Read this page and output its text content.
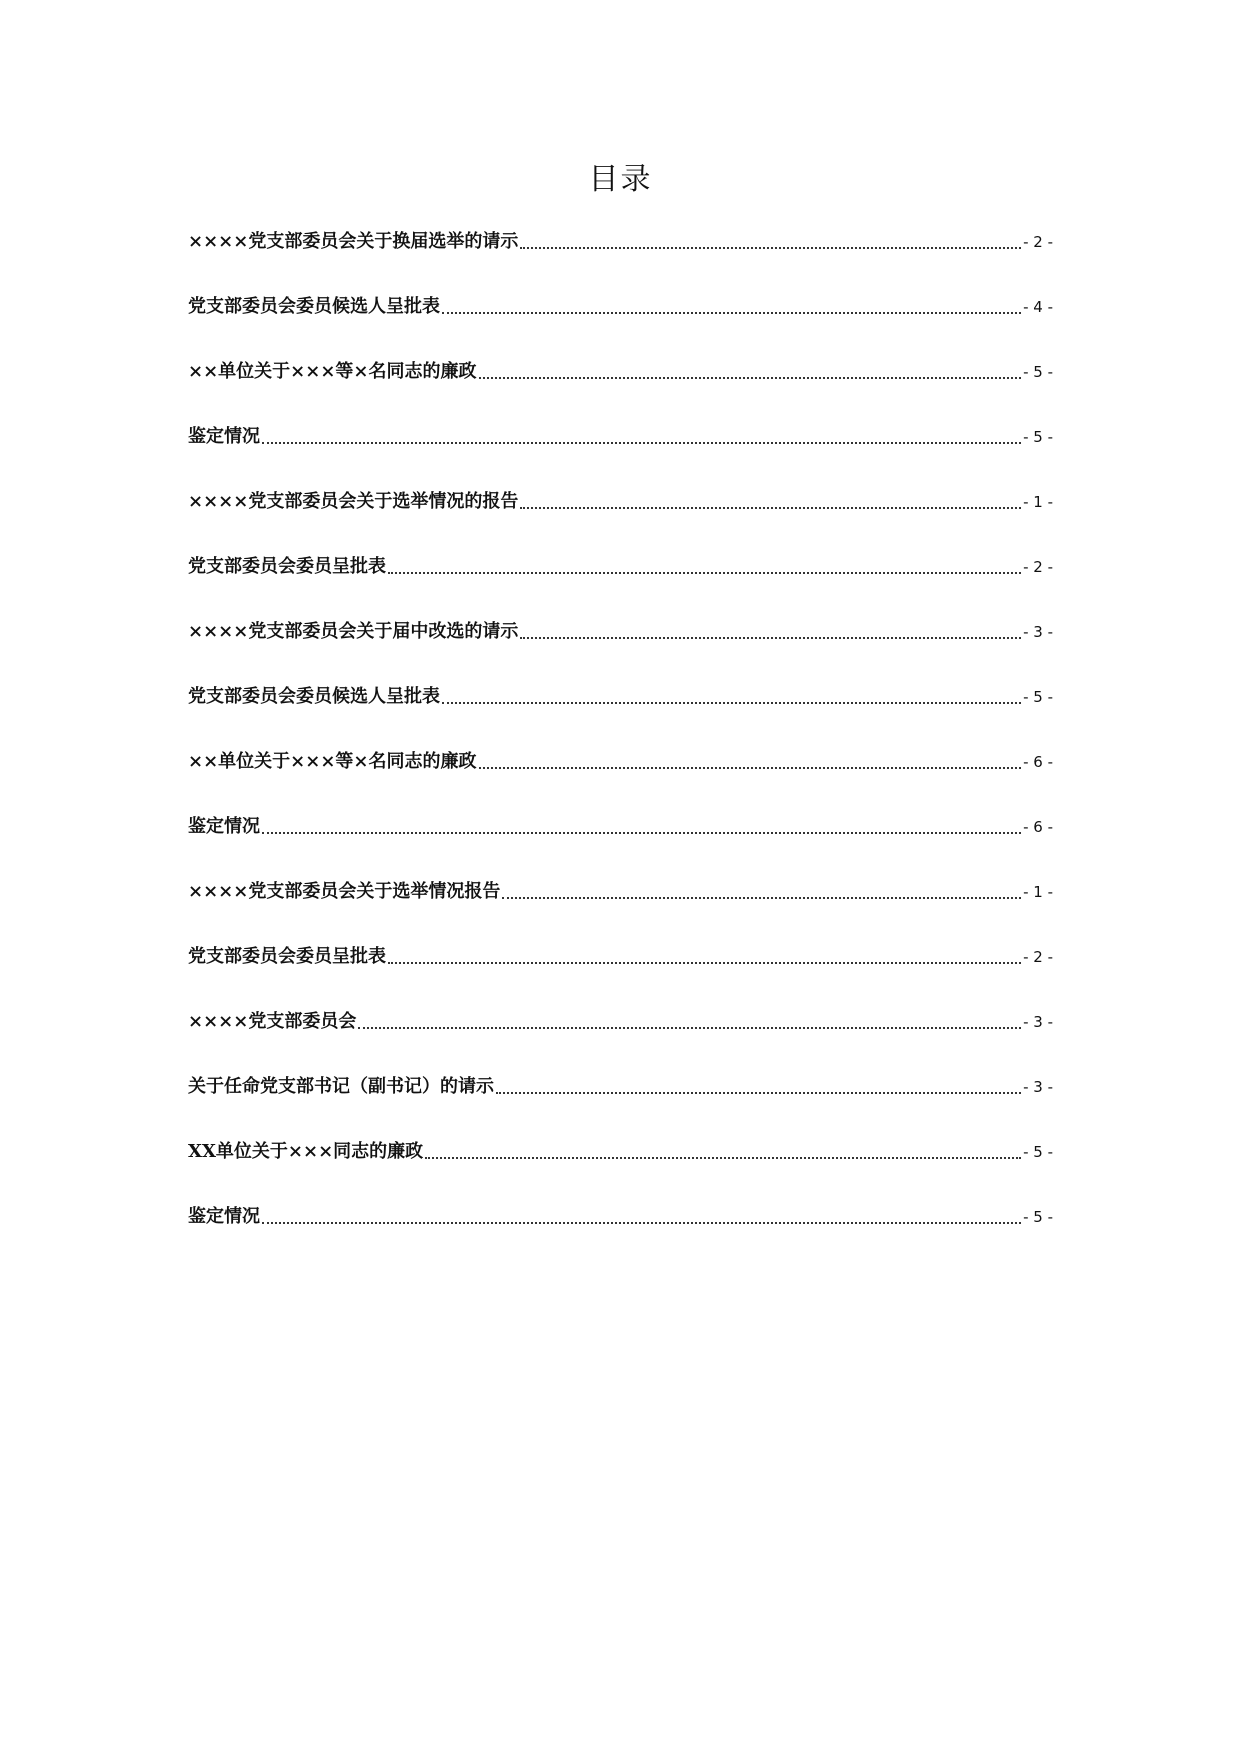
目录
××××党支部委员会关于换届选举的请示	- 2 -
党支部委员会委员候选人呈批表	- 4 -
××单位关于×××等×名同志的廉政	- 5 -
鉴定情况	- 5 -
××××党支部委员会关于选举情况的报告	- 1 -
党支部委员会委员呈批表	- 2 -
××××党支部委员会关于届中改选的请示	- 3 -
党支部委员会委员候选人呈批表	- 5 -
××单位关于×××等×名同志的廉政	- 6 -
鉴定情况	- 6 -
××××党支部委员会关于选举情况报告	- 1 -
党支部委员会委员呈批表	- 2 -
××××党支部委员会	- 3 -
关于任命党支部书记（副书记）的请示	- 3 -
XX单位关于×××同志的廉政	- 5 -
鉴定情况	- 5 -
